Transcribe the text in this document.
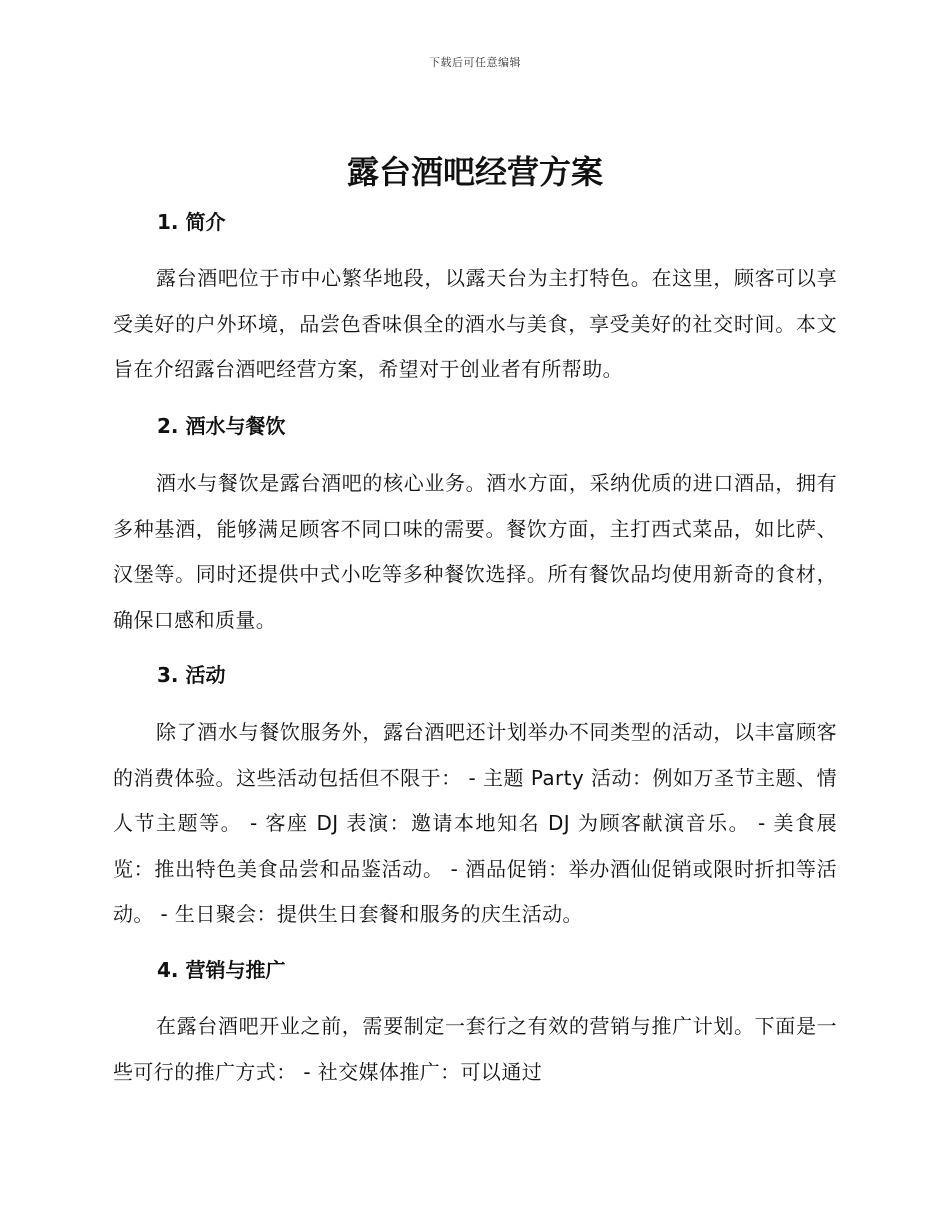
下载后可任意编辑
露台酒吧经营方案
1. 简介

露台酒吧位于市中心繁华地段，以露天台为主打特色。在这里，顾客可以享受美好的户外环境，品尝色香味俱全的酒水与美食，享受美好的社交时间。本文旨在介绍露台酒吧经营方案，希望对于创业者有所帮助。

2. 酒水与餐饮

酒水与餐饮是露台酒吧的核心业务。酒水方面，采纳优质的进口酒品，拥有多种基酒，能够满足顾客不同口味的需要。餐饮方面，主打西式菜品，如比萨、汉堡等。同时还提供中式小吃等多种餐饮选择。所有餐饮品均使用新奇的食材，确保口感和质量。

3. 活动

除了酒水与餐饮服务外，露台酒吧还计划举办不同类型的活动，以丰富顾客的消费体验。这些活动包括但不限于： - 主题 Party 活动：例如万圣节主题、情人节主题等。 - 客座 DJ 表演：邀请本地知名 DJ 为顾客献演音乐。 - 美食展览：推出特色美食品尝和品鉴活动。 - 酒品促销：举办酒仙促销或限时折扣等活动。 - 生日聚会：提供生日套餐和服务的庆生活动。

4. 营销与推广

在露台酒吧开业之前，需要制定一套行之有效的营销与推广计划。下面是一些可行的推广方式： - 社交媒体推广：可以通过
